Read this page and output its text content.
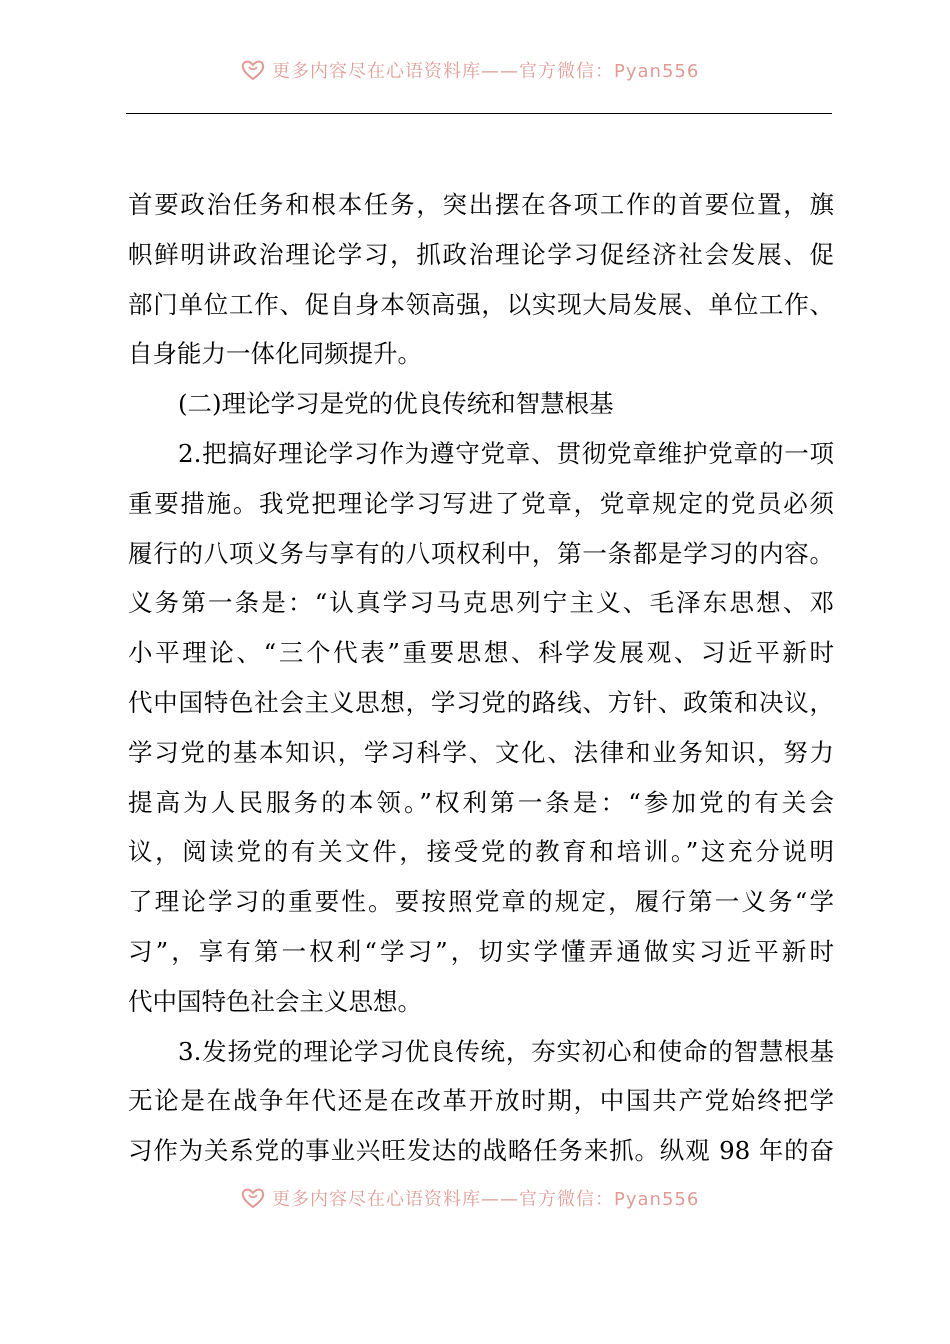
更多内容尽在心语资料库——官方微信：Pyan556
首要政治任务和根本任务，突出摆在各项工作的首要位置，旗
帜鲜明讲政治理论学习，抓政治理论学习促经济社会发展、促
部门单位工作、促自身本领高强，以实现大局发展、单位工作、
自身能力一体化同频提升。
(二)理论学习是党的优良传统和智慧根基
2.把搞好理论学习作为遵守党章、贯彻党章维护党章的一项
重要措施。我党把理论学习写进了党章，党章规定的党员必须
履行的八项义务与享有的八项权利中，第一条都是学习的内容。
义务第一条是：“认真学习马克思列宁主义、毛泽东思想、邓
小平理论、“三个代表”重要思想、科学发展观、习近平新时
代中国特色社会主义思想，学习党的路线、方针、政策和决议，
学习党的基本知识，学习科学、文化、法律和业务知识，努力
提高为人民服务的本领。”权利第一条是：“参加党的有关会
议，阅读党的有关文件，接受党的教育和培训。”这充分说明
了理论学习的重要性。要按照党章的规定，履行第一义务“学
习”，享有第一权利“学习”，切实学懂弄通做实习近平新时
代中国特色社会主义思想。
3.发扬党的理论学习优良传统，夯实初心和使命的智慧根基
无论是在战争年代还是在改革开放时期，中国共产党始终把学
习作为关系党的事业兴旺发达的战略任务来抓。纵观 98 年的奋
更多内容尽在心语资料库——官方微信：Pyan556
